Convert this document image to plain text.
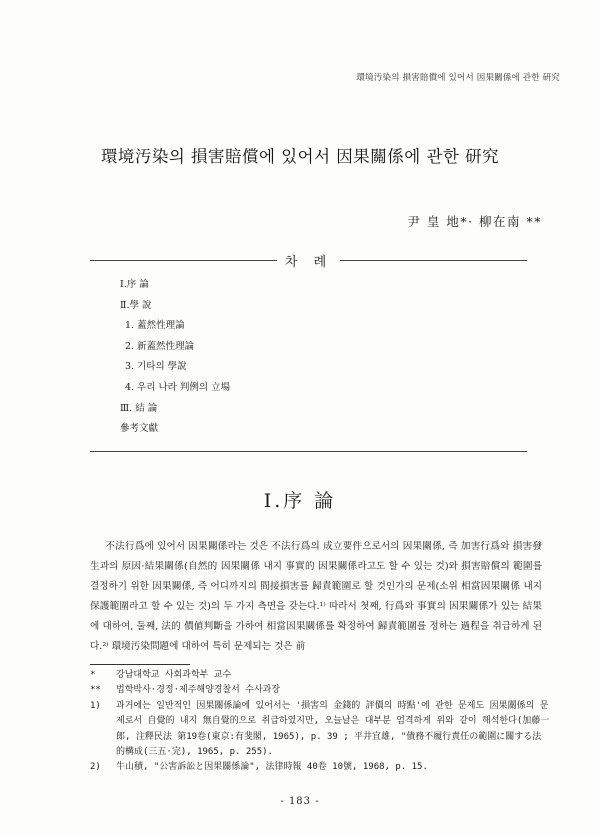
環境汚染의 損害賠償에 있어서 因果關係에 관한 硏究
環境汚染의 損害賠償에 있어서 因果關係에 관한 研究
尹 皇 地*· 柳在南 **
차 례
Ⅰ.序 論
Ⅱ.學 說
1. 蓋然性理論
2. 新蓋然性理論
3. 기타의 學說
4. 우리 나라 判例의 立場
Ⅲ. 結 論
參考文獻
Ⅰ.序 論

不法行爲에 있어서 因果關係라는 것은 不法行爲의 成立要件으로서의 因果關係, 즉 加害行爲와 損害發生과의 原因·結果關係(自然的 因果關係 내지 事實的 因果關係라고도 할 수 있는 것)와 損害賠償의 範圍를 결정하기 위한 因果關係, 즉 어디까지의 間接損害를 歸責範圍로 할 것인가의 문제(소위 相當因果關係 내지 保護範圍라고 할 수 있는 것)의 두 가지 측면을 갖는다.¹⁾ 따라서 첫째, 行爲와 事實의 因果關係가 있는 結果에 대하여, 둘째, 法的 價値判斷을 가하여 相當因果關係를 확정하여 歸責範圍를 정하는 過程을 취급하게 된다.²⁾ 環境汚染問題에 대하여 특히 문제되는 것은 前

*	강남대학교 사회과학부 교수
**	법학박사·경정·제주해양경찰서 수사과장
1)	과거에는 일반적인 因果關係論에 있어서는 '損害의 金錢的 評價의 時點'에 관한 문제도 因果關係의 문제로서 自覺的 내지 無自覺的으로 취급하였지만, 오늘날은 대부분 엄격하게 위와 같이 해석한다(加藤一郎, 注釋民法 第19卷(東京:有斐閣, 1965), p. 39 ; 平井宜雄, "債務不履行責任の範圍に關する法的構成(三五·完), 1965, p. 255).
2)	牛山積, "公害訴訟と因果關係論", 法律時報 40卷 10號, 1968, p. 15.
- 183 -
